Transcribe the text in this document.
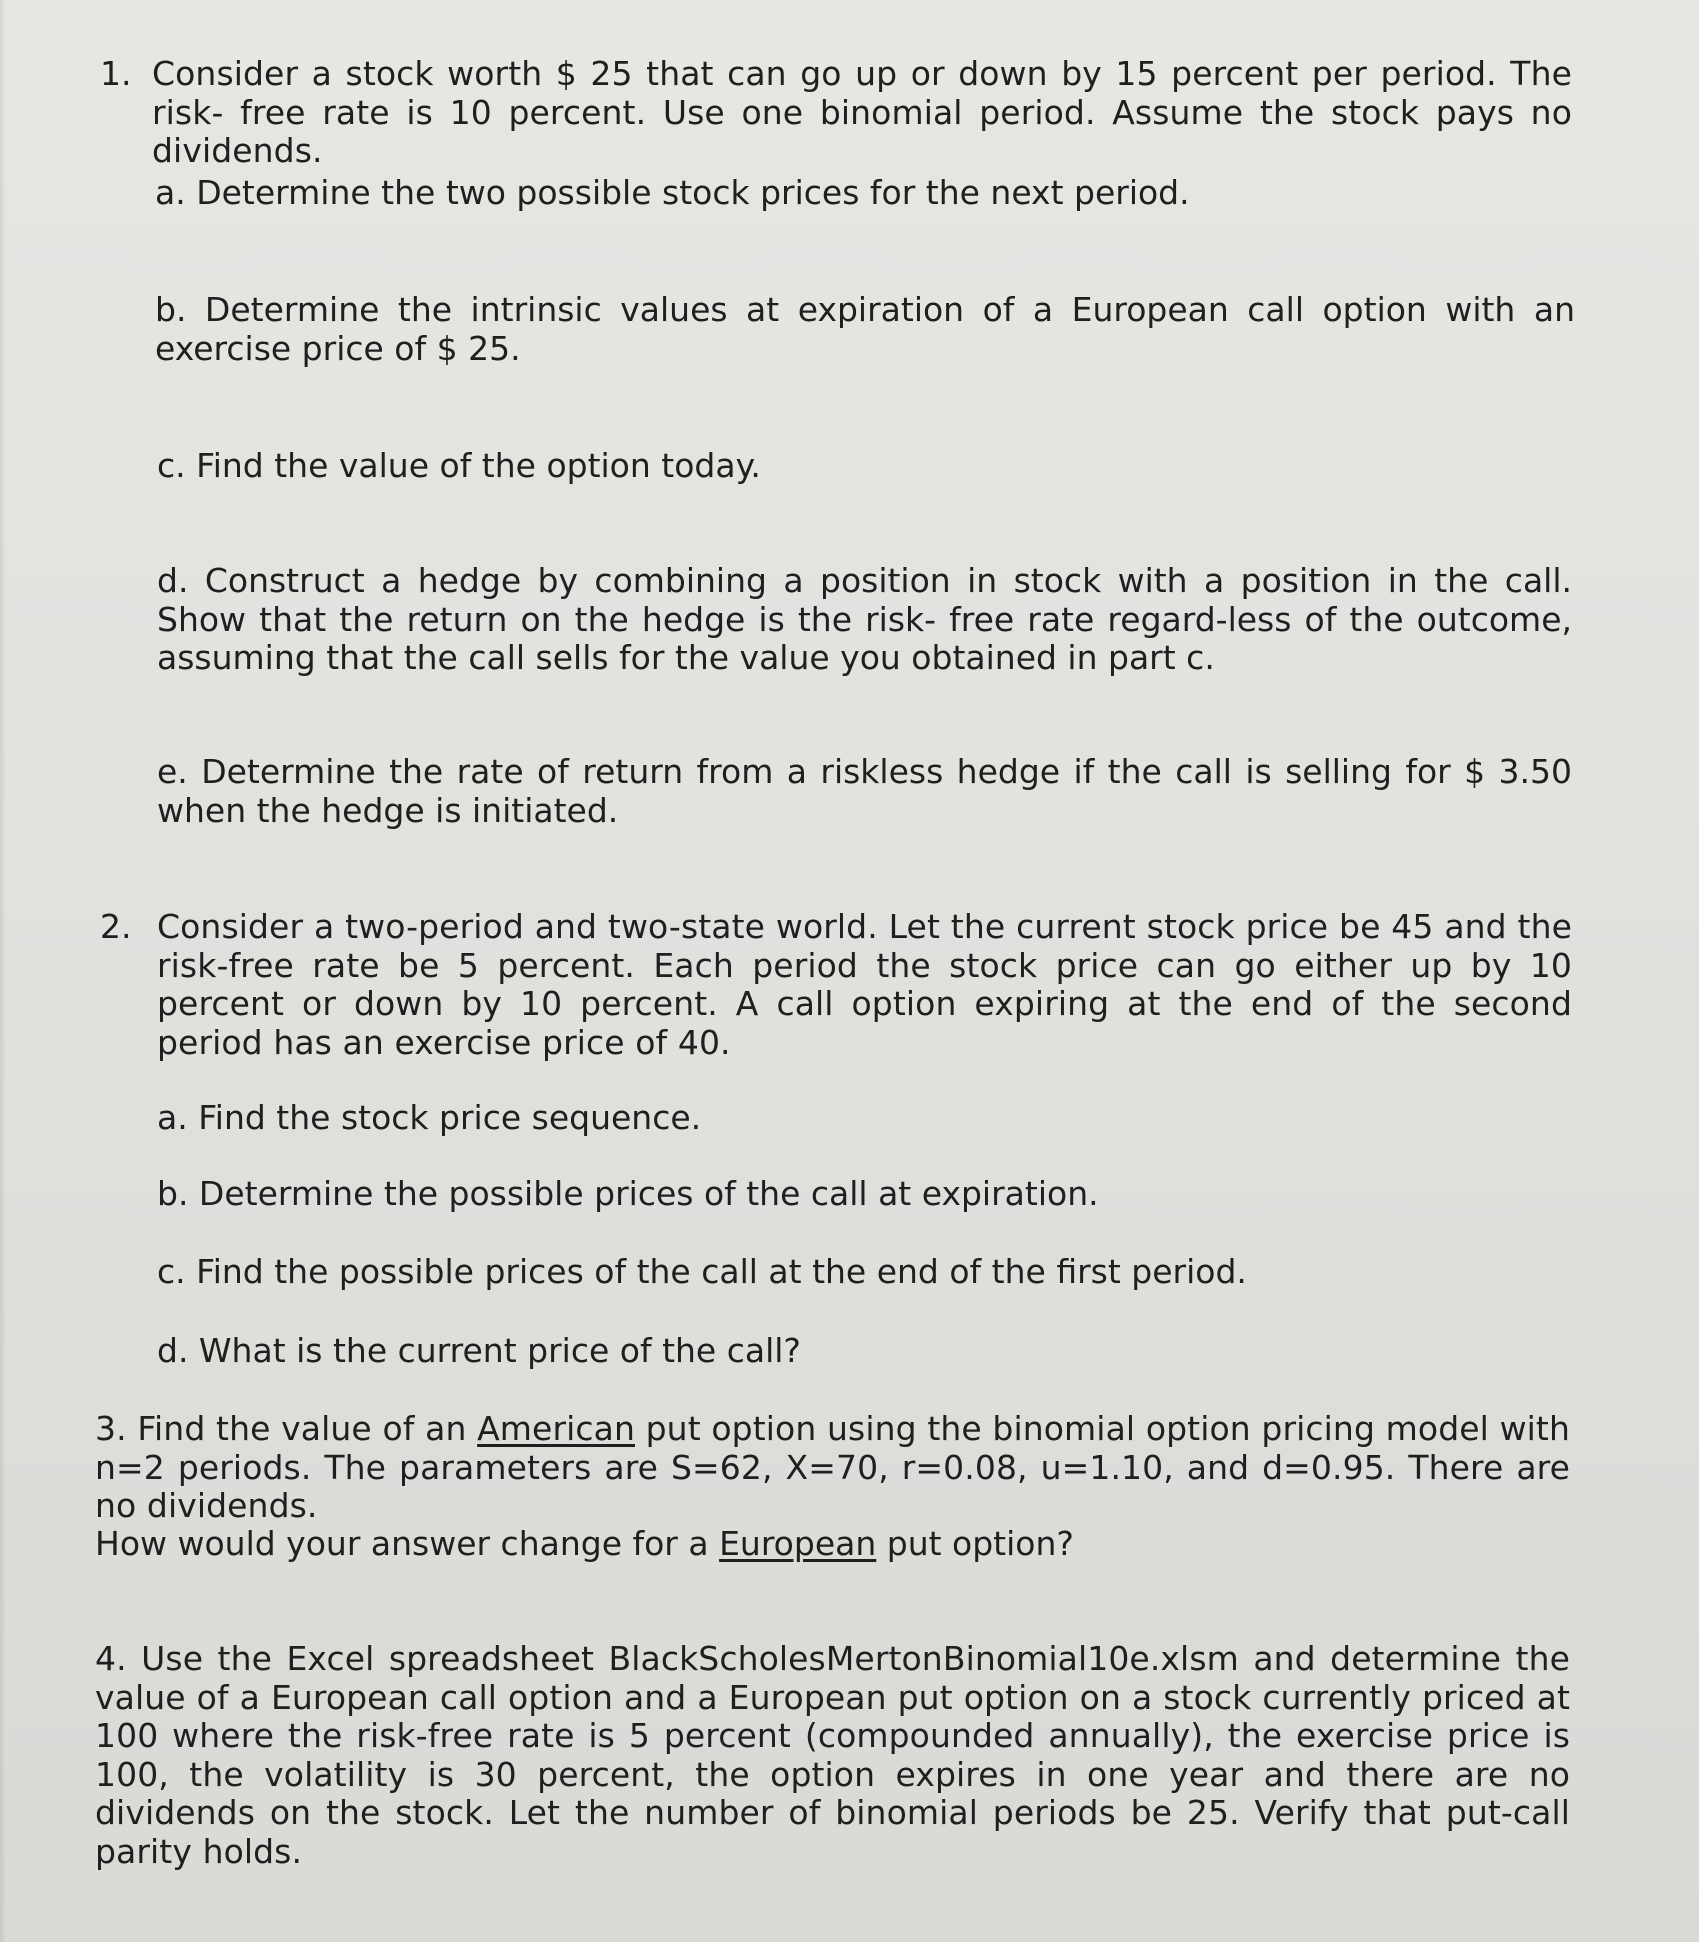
1. Consider a stock worth $ 25 that can go up or down by 15 percent per period. The risk- free rate is 10 percent. Use one binomial period. Assume the stock pays no dividends.
a. Determine the two possible stock prices for the next period.
b. Determine the intrinsic values at expiration of a European call option with an exercise price of $ 25.
c. Find the value of the option today.
d. Construct a hedge by combining a position in stock with a position in the call. Show that the return on the hedge is the risk- free rate regard-less of the outcome, assuming that the call sells for the value you obtained in part c.
e. Determine the rate of return from a riskless hedge if the call is selling for $ 3.50 when the hedge is initiated.
2. Consider a two-period and two-state world. Let the current stock price be 45 and the risk-free rate be 5 percent. Each period the stock price can go either up by 10 percent or down by 10 percent. A call option expiring at the end of the second period has an exercise price of 40.
a. Find the stock price sequence.
b. Determine the possible prices of the call at expiration.
c. Find the possible prices of the call at the end of the first period.
d. What is the current price of the call?
3. Find the value of an American put option using the binomial option pricing model with n=2 periods. The parameters are S=62, X=70, r=0.08, u=1.10, and d=0.95. There are no dividends.
How would your answer change for a European put option?
4. Use the Excel spreadsheet BlackScholesMertonBinomial10e.xlsm and determine the value of a European call option and a European put option on a stock currently priced at 100 where the risk-free rate is 5 percent (compounded annually), the exercise price is 100, the volatility is 30 percent, the option expires in one year and there are no dividends on the stock. Let the number of binomial periods be 25. Verify that put-call parity holds.
